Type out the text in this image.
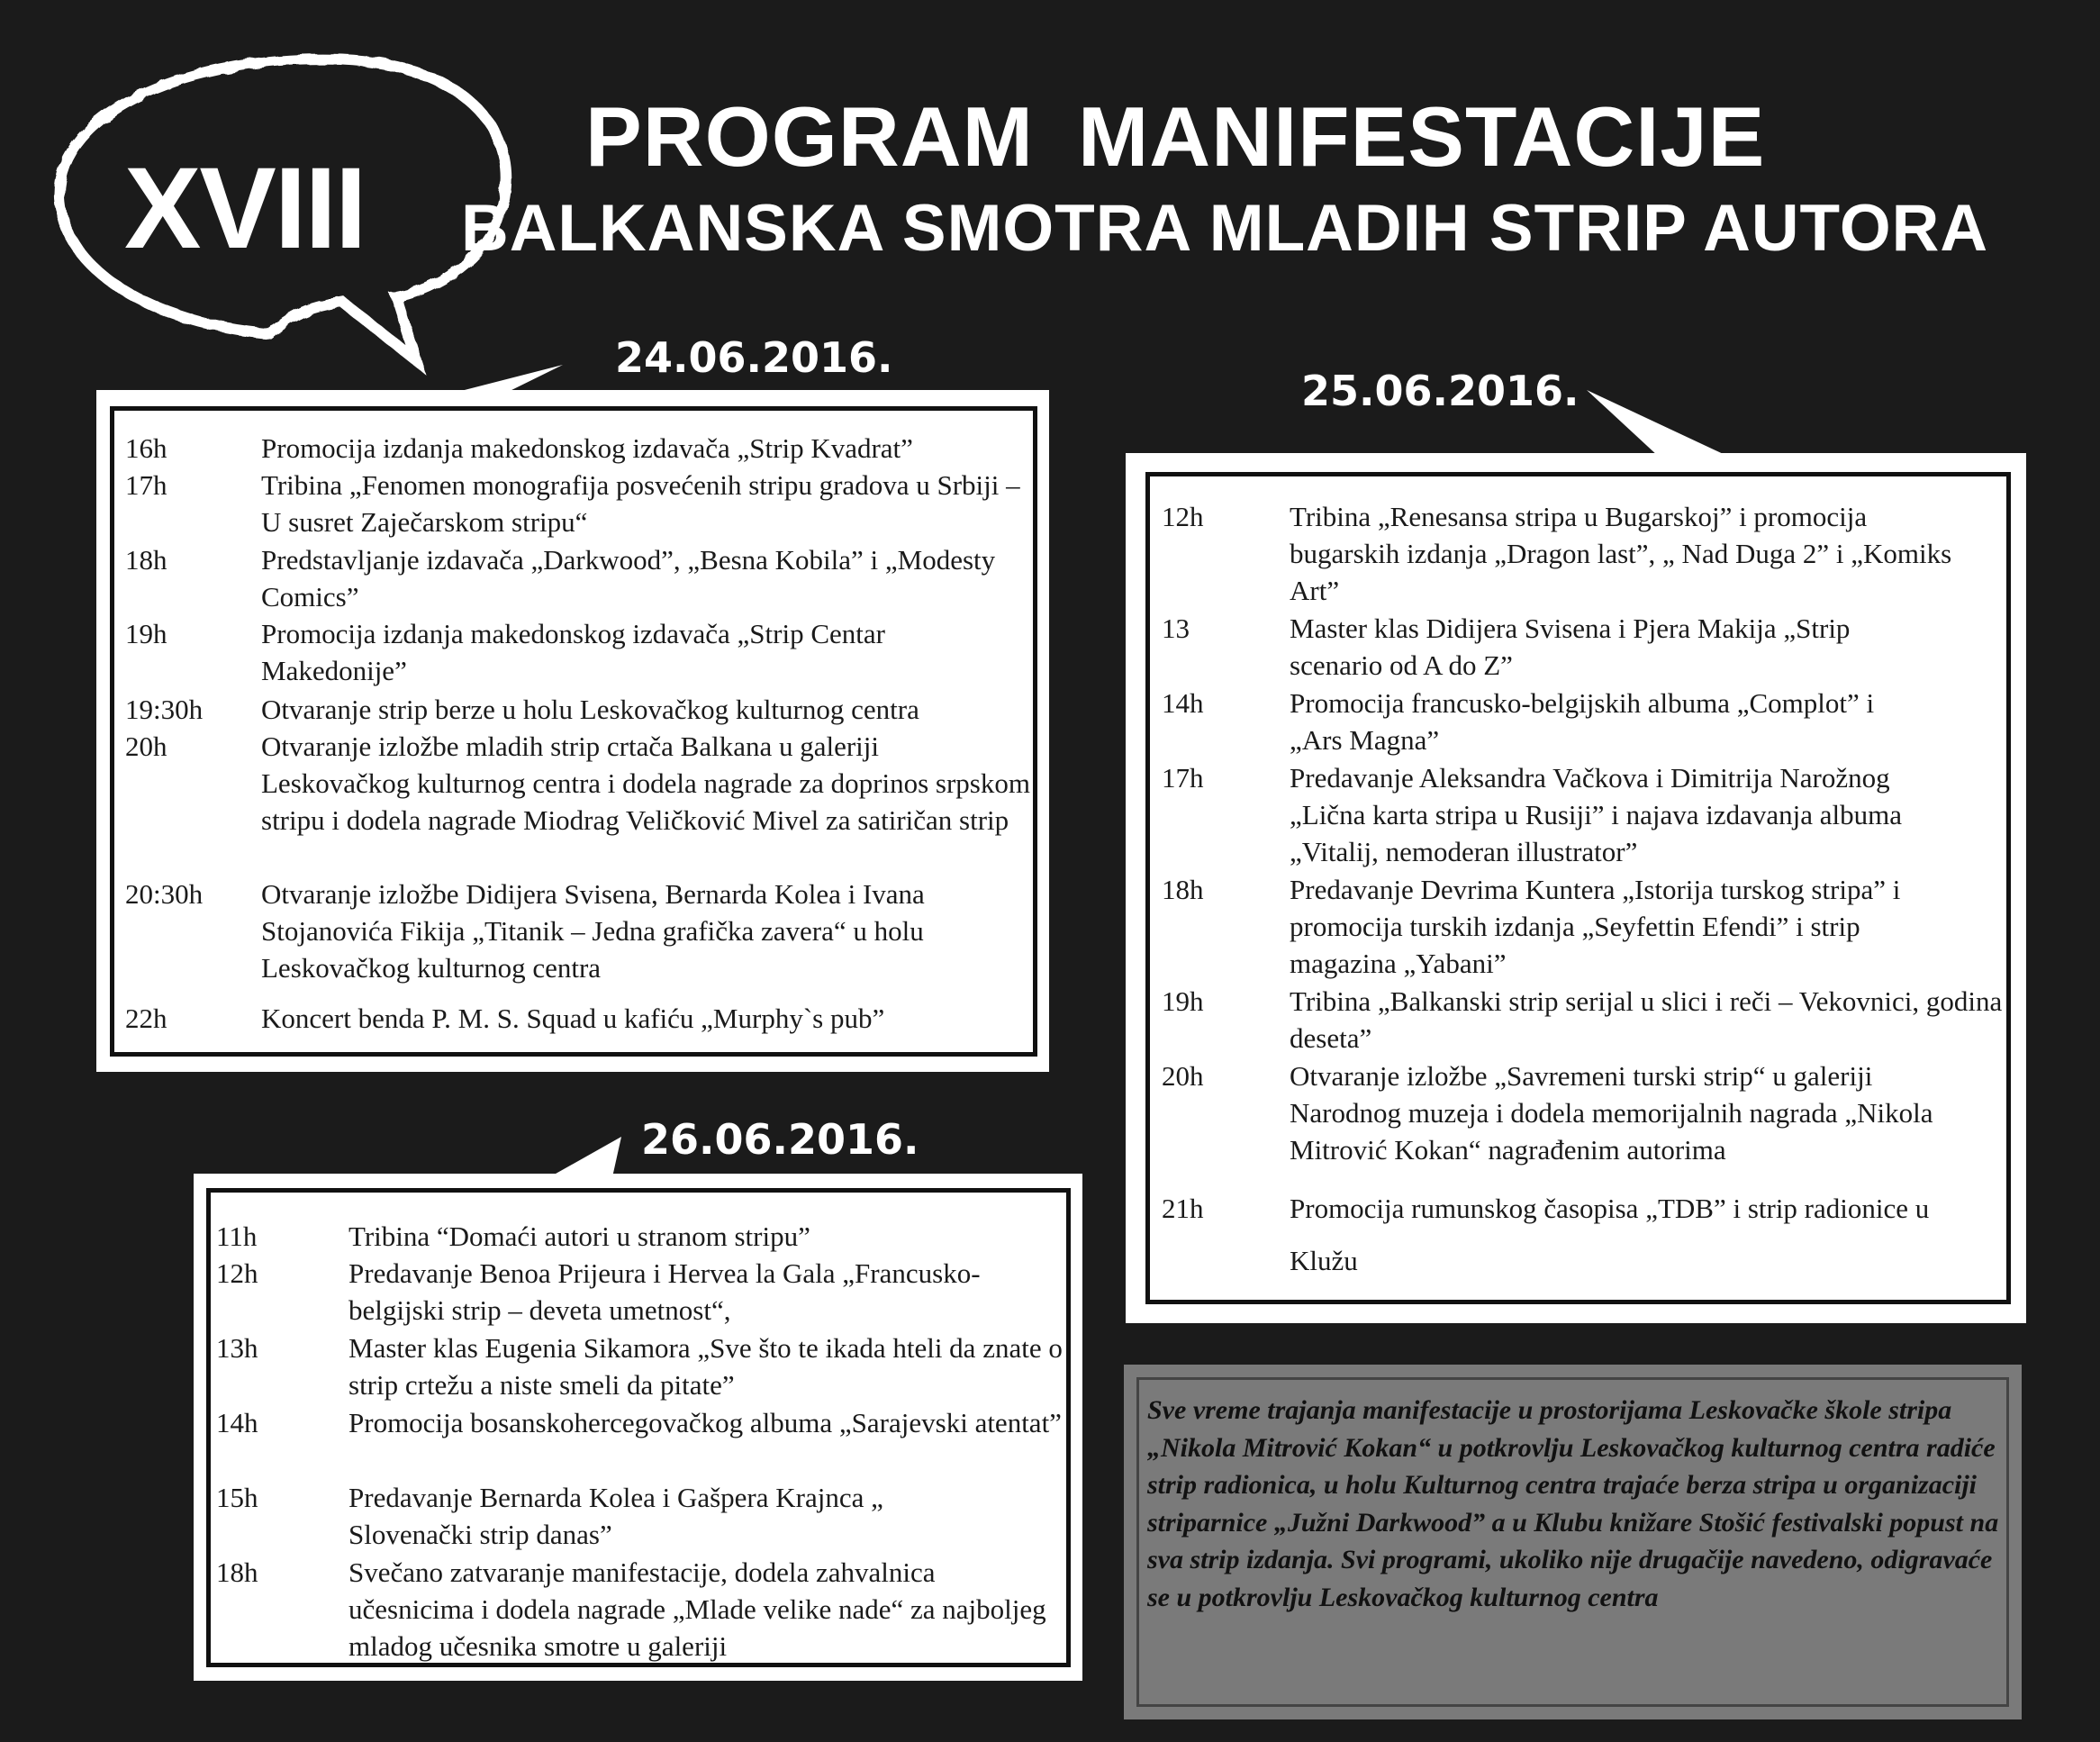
XVIII
PROGRAM MANIFESTACIJE
BALKANSKA SMOTRA MLADIH STRIP AUTORA
24.06.2016.
16h	Promocija izdanja makedonskog izdavača „Strip Kvadrat”
17h	Tribina „Fenomen monografija posvećenih stripu gradova u Srbiji – U susret Zaječarskom stripu“
18h	Predstavljanje izdavača „Darkwood”, „Besna Kobila” i „Modesty Comics”
19h	Promocija izdanja makedonskog izdavača „Strip Centar Makedonije”
19:30h Otvaranje strip berze u holu Leskovačkog kulturnog centra
20h	Otvaranje izložbe mladih strip crtača Balkana u galeriji Leskovačkog kulturnog centra i dodela nagrade za doprinos srpskom stripu i dodela nagrade Miodrag Veličković Mivel za satiričan strip
20:30h Otvaranje izložbe Didijera Svisena, Bernarda Kolea i Ivana Stojanovića Fikija „Titanik – Jedna grafička zavera“ u holu Leskovačkog kulturnog centra
22h	Koncert benda P. M. S. Squad u kafiću „Murphy`s pub”
25.06.2016.
12h	Tribina „Renesansa stripa u Bugarskoj” i promocija bugarskih izdanja „Dragon last”, „ Nad Duga 2” i „Komiks Art”
13	Master klas Didijera Svisena i Pjera Makija „Strip scenario od A do Z”
14h	Promocija francusko-belgijskih albuma „Complot” i „Ars Magna”
17h	Predavanje Aleksandra Vačkova i Dimitrija Narožnog „Lična karta stripa u Rusiji” i najava izdavanja albuma „Vitalij, nemoderan illustrator”
18h	Predavanje Devrima Kuntera „Istorija turskog stripa” i promocija turskih izdanja „Seyfettin Efendi” i strip magazina „Yabani”
19h	Tribina „Balkanski strip serijal u slici i reči – Vekovnici, godina deseta”
20h	Otvaranje izložbe „Savremeni turski strip“ u galeriji Narodnog muzeja i dodela memorijalnih nagrada „Nikola Mitrović Kokan“ nagrađenim autorima
21h	Promocija rumunskog časopisa „TDB” i strip radionice u Klužu
26.06.2016.
11h	Tribina “Domaći autori u stranom stripu”
12h	Predavanje Benoa Prijeura i Hervea la Gala „Francusko-belgijski strip – deveta umetnost“,
13h	Master klas Eugenia Sikamora „Sve što te ikada hteli da znate o strip crtežu a niste smeli da pitate”
14h	Promocija bosanskohercegovačkog albuma „Sarajevski atentat”
15h	Predavanje Bernarda Kolea i Gašpera Krajnca „ Slovenački strip danas”
18h	Svečano zatvaranje manifestacije, dodela zahvalnica učesnicima i dodela nagrade „Mlade velike nade“ za najboljeg mladog učesnika smotre u galeriji
Sve vreme trajanja manifestacije u prostorijama Leskovačke škole stripa „Nikola Mitrović Kokan“ u potkrovlju Leskovačkog kulturnog centra radiće strip radionica, u holu Kulturnog centra trajaće berza stripa u organizaciji striparnice „Južni Darkwood” a u Klubu knižare Stošić festivalski popust na sva strip izdanja. Svi programi, ukoliko nije drugačije navedeno, odigravaće se u potkrovlju Leskovačkog kulturnog centra
